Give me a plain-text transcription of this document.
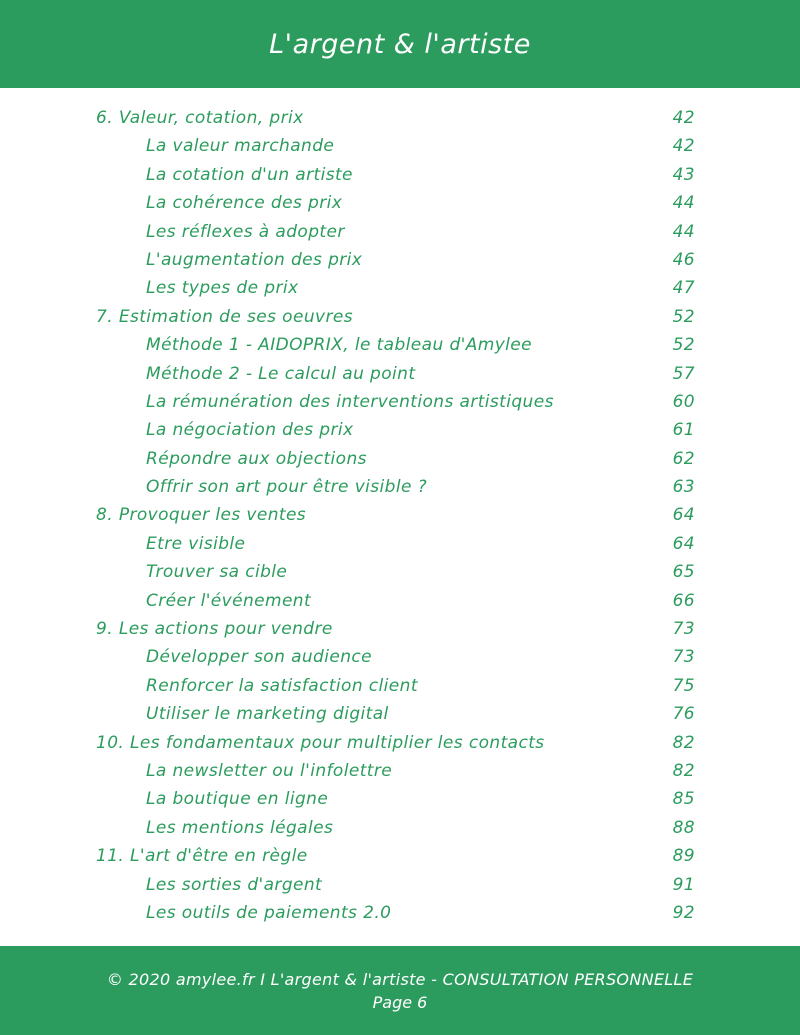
L'argent & l'artiste
6. Valeur, cotation, prix	42
La valeur marchande	42
La cotation d'un artiste	43
La cohérence des prix	44
Les réflexes à adopter	44
L'augmentation des prix	46
Les types de prix	47
7. Estimation de ses oeuvres	52
Méthode 1 - AIDOPRIX, le tableau d'Amylee	52
Méthode 2 - Le calcul au point	57
La rémunération des interventions artistiques	60
La négociation des prix	61
Répondre aux objections	62
Offrir son art pour être visible ?	63
8. Provoquer les ventes	64
Etre visible	64
Trouver sa cible	65
Créer l'événement	66
9. Les actions pour vendre	73
Développer son audience	73
Renforcer la satisfaction client	75
Utiliser le marketing digital	76
10. Les fondamentaux pour multiplier les contacts	82
La newsletter ou l'infolettre	82
La boutique en ligne	85
Les mentions légales	88
11. L'art d'être en règle	89
Les sorties d'argent	91
Les outils de paiements 2.0	92
© 2020 amylee.fr I L'argent & l'artiste - CONSULTATION PERSONNELLE
Page 6
